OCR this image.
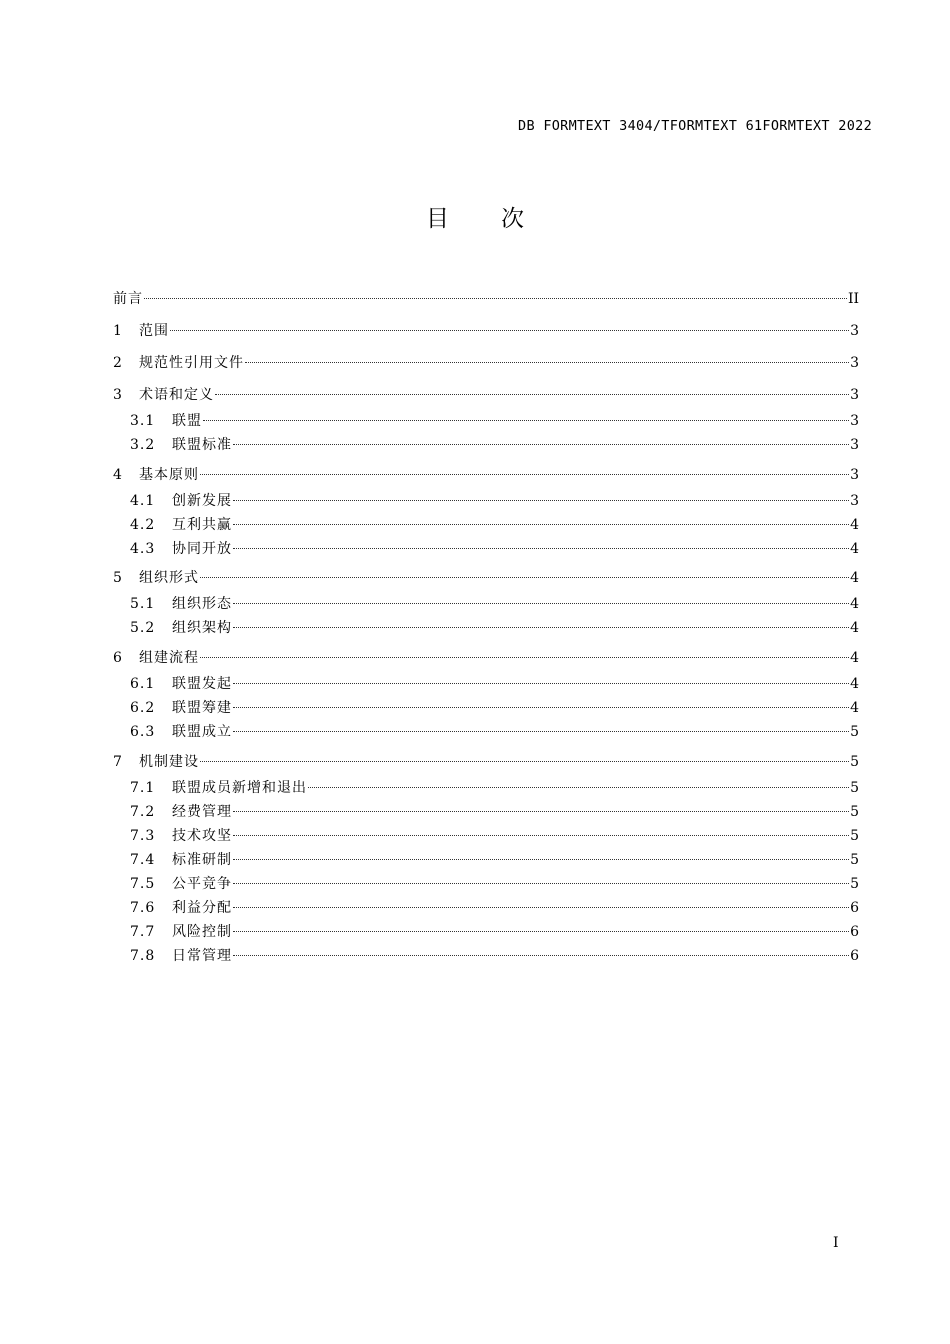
DB FORMTEXT 3404/TFORMTEXT 61FORMTEXT 2022
目 次
前言	II
1	范围	3
2	规范性引用文件	3
3	术语和定义	3
3.1	联盟	3
3.2	联盟标准	3
4	基本原则	3
4.1	创新发展	3
4.2	互利共赢	4
4.3	协同开放	4
5	组织形式	4
5.1	组织形态	4
5.2	组织架构	4
6	组建流程	4
6.1	联盟发起	4
6.2	联盟筹建	4
6.3	联盟成立	5
7	机制建设	5
7.1	联盟成员新增和退出	5
7.2	经费管理	5
7.3	技术攻坚	5
7.4	标准研制	5
7.5	公平竞争	5
7.6	利益分配	6
7.7	风险控制	6
7.8	日常管理	6
I
